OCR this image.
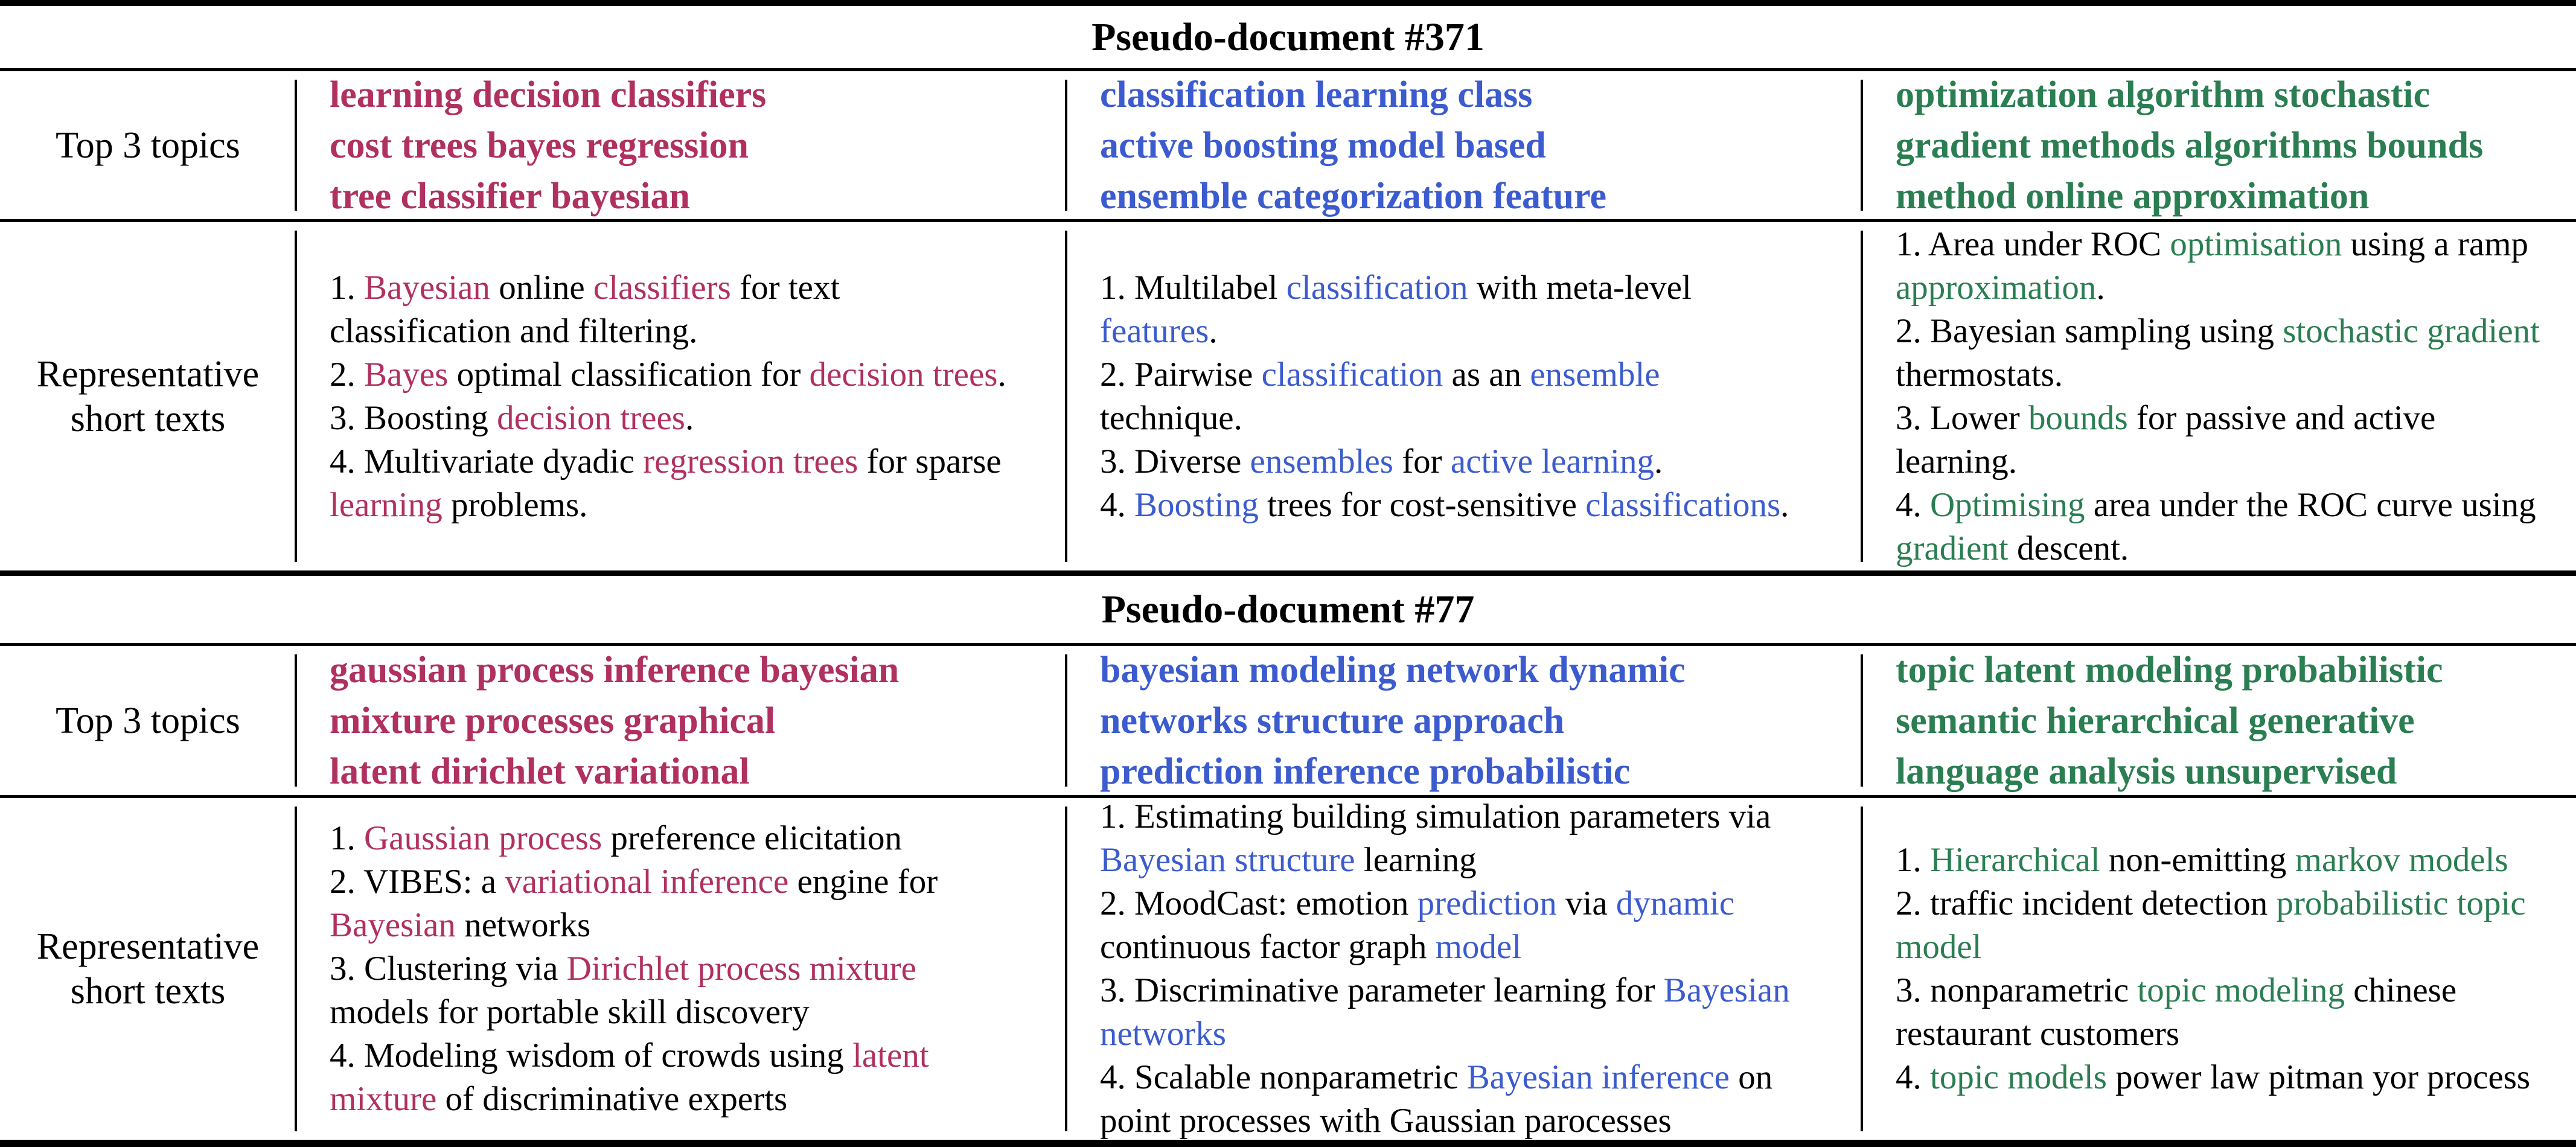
Pseudo-document #371
Top 3 topics
learning decision classifiers
cost trees bayes regression
tree classifier bayesian
classification learning class
active boosting model based
ensemble categorization feature
optimization algorithm stochastic
gradient methods algorithms bounds
method online approximation
Representative short texts
1. Bayesian online classifiers for text classification and filtering.
2. Bayes optimal classification for decision trees.
3. Boosting decision trees.
4. Multivariate dyadic regression trees for sparse learning problems.
1. Multilabel classification with meta-level features.
2. Pairwise classification as an ensemble technique.
3. Diverse ensembles for active learning.
4. Boosting trees for cost-sensitive classifications.
1. Area under ROC optimisation using a ramp approximation.
2. Bayesian sampling using stochastic gradient thermostats.
3. Lower bounds for passive and active learning.
4. Optimising area under the ROC curve using gradient descent.
Pseudo-document #77
Top 3 topics
gaussian process inference bayesian
mixture processes graphical
latent dirichlet variational
bayesian modeling network dynamic
networks structure approach
prediction inference probabilistic
topic latent modeling probabilistic
semantic hierarchical generative
language analysis unsupervised
Representative short texts
1. Gaussian process preference elicitation
2. VIBES: a variational inference engine for Bayesian networks
3. Clustering via Dirichlet process mixture models for portable skill discovery
4. Modeling wisdom of crowds using latent mixture of discriminative experts
1. Estimating building simulation parameters via Bayesian structure learning
2. MoodCast: emotion prediction via dynamic continuous factor graph model
3. Discriminative parameter learning for Bayesian networks
4. Scalable nonparametric Bayesian inference on point processes with Gaussian parocesses
1. Hierarchical non-emitting markov models
2. traffic incident detection probabilistic topic model
3. nonparametric topic modeling chinese restaurant customers
4. topic models power law pitman yor process
